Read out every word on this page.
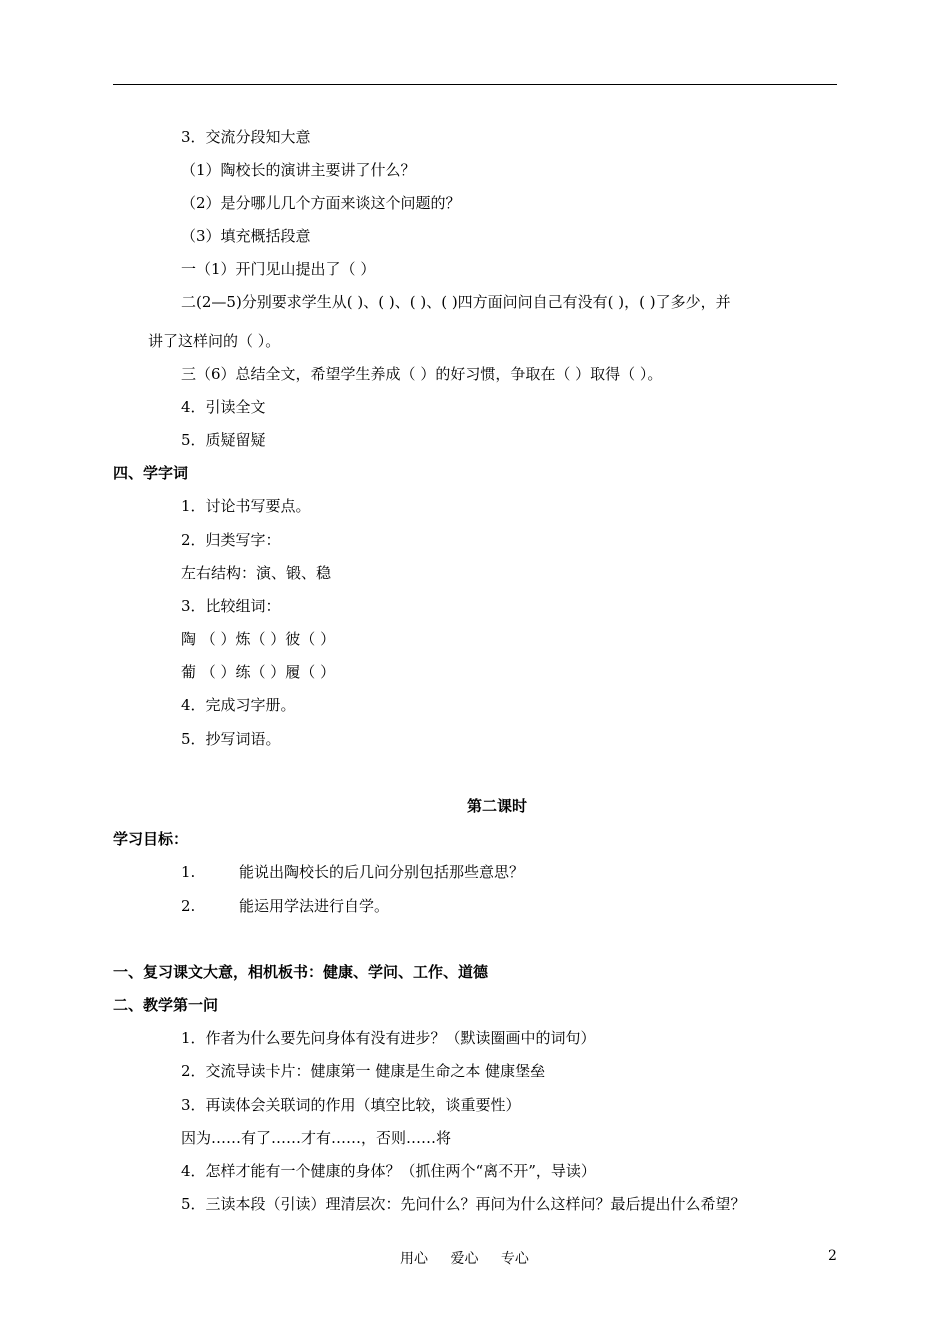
3．交流分段知大意
（1）陶校长的演讲主要讲了什么？
（2）是分哪儿几个方面来谈这个问题的？
（3）填充概括段意
一（1）开门见山提出了（ ）
二(2—5)分别要求学生从( )、( )、( )、( )四方面问问自己有没有( )，( )了多少，并
讲了这样问的（ ）。
三（6）总结全文，希望学生养成（ ）的好习惯，争取在（ ）取得（ ）。
4．引读全文
5．质疑留疑
四、学字词
1．讨论书写要点。
2．归类写字：
左右结构：演、锻、稳
3．比较组词：
陶 （ ）炼（ ）彼（ ）
葡 （ ）练（ ）履（ ）
4．完成习字册。
5．抄写词语。
第二课时
学习目标：
1.	能说出陶校长的后几问分别包括那些意思？
2.	能运用学法进行自学。
一、复习课文大意，相机板书：健康、学问、工作、道德
二、教学第一问
1．作者为什么要先问身体有没有进步？（默读圈画中的词句）
2．交流导读卡片：健康第一 健康是生命之本 健康堡垒
3．再读体会关联词的作用（填空比较，谈重要性）
因为……有了……才有……，否则……将
4．怎样才能有一个健康的身体？（抓住两个“离不开”，导读）
5．三读本段（引读）理清层次：先问什么？再问为什么这样问？最后提出什么希望？
用心 爱心 专心	2
